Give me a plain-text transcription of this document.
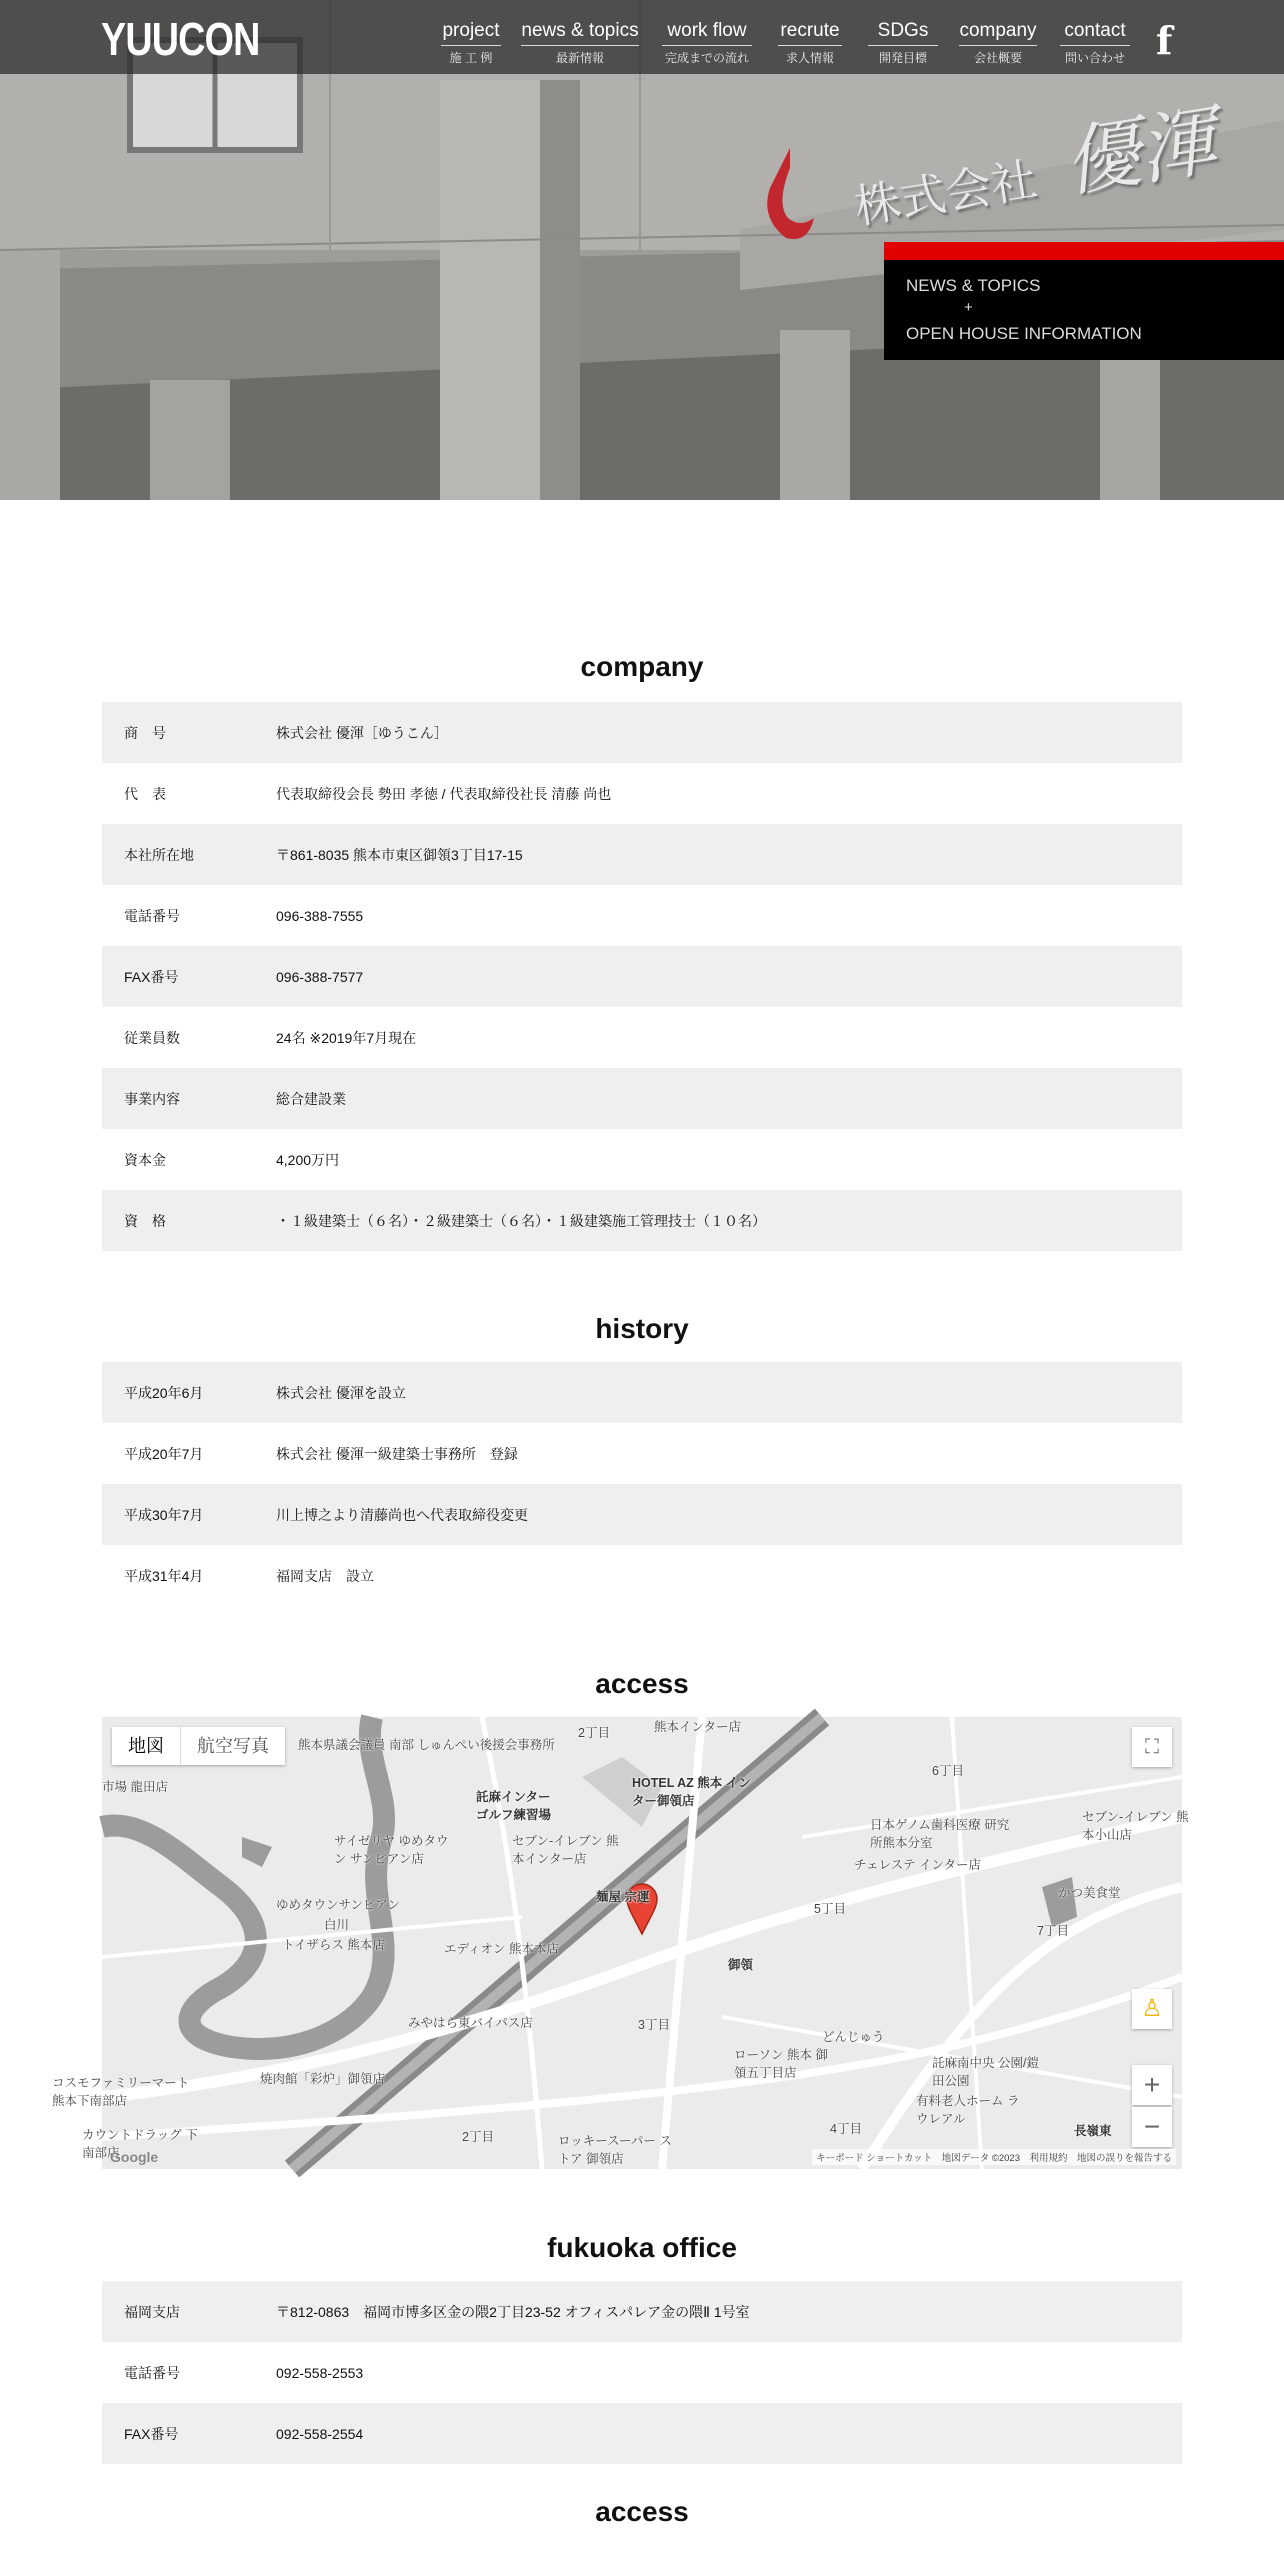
株式会社 優渾
YUUCON	project
施 工 例
news & topics
最新情報
work flow
完成までの流れ
recrute
求人情報
SDGs
開発目標
company
会社概要
contact
問い合わせ f
NEWS & TOPICS
+
OPEN HOUSE INFORMATION
company
商　号	株式会社 優渾［ゆうこん］
代　表	代表取締役会長 勢田 孝徳 / 代表取締役社長 清藤 尚也
本社所在地	〒861-8035 熊本市東区御領3丁目17-15
電話番号	096-388-7555
FAX番号	096-388-7577
従業員数	24名 ※2019年7月現在
事業内容	総合建設業
資本金	4,200万円
資　格	・１級建築士（６名）・２級建築士（６名）・１級建築施工管理技士（１０名）
history
平成20年6月	株式会社 優渾を設立
平成20年7月	株式会社 優渾一級建築士事務所　登録
平成30年7月	川上博之より清藤尚也へ代表取締役変更
平成31年4月	福岡支店　設立
access
地図	航空写真	⛶
♙
+
−
熊本県議会議員 南部 しゅんぺい後援会事務所
2丁目	熊本インター店
HOTEL AZ 熊本 インター御領店
託麻インター ゴルフ練習場
サイゼリヤ ゆめタウン サンピアン店
セブン-イレブン 熊本インター店
日本ゲノム歯科医療 研究所熊本分室
チェレステ インター店
ゆめタウンサンピアン
白川
麺屋 宗運
5丁目
6丁目
トイザらス 熊本店	エディオン 熊本本店
御領
7丁目
みやはら東バイパス店	3丁目
どんじゅう
ローソン 熊本 御領五丁目店
託麻南中央 公園/鎧田公園
有料老人ホーム ラウレアル
焼肉館「彩炉」御領店
コスモファミリーマート 熊本下南部店
2丁目	ロッキースーパー ストア 御領店
4丁目	長嶺東
かつ美食堂
セブン-イレブン 熊本小山店
市場 龍田店
カウントドラッグ 下南部店
Google	キーボード ショートカット　地図データ ©2023　利用規約　地図の誤りを報告する
fukuoka office
福岡支店	〒812-0863　福岡市博多区金の隈2丁目23-52 オフィスパレア金の隈Ⅱ 1号室
電話番号	092-558-2553
FAX番号	092-558-2554
access
